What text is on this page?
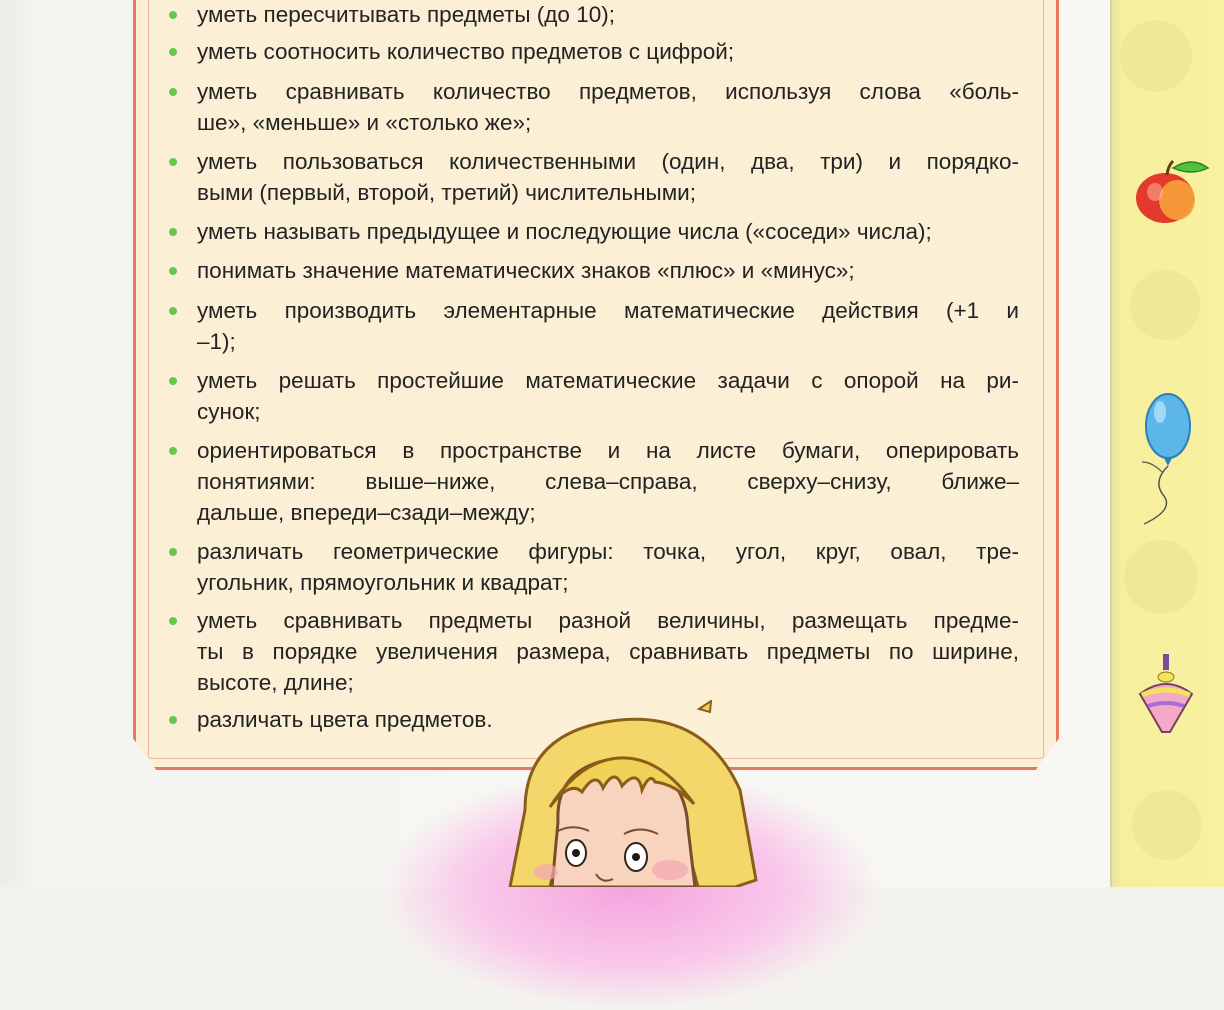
уметь пересчитывать предметы (до 10);
уметь соотносить количество предметов с цифрой;
уметь сравнивать количество предметов, используя слова «боль-
ше», «меньше» и «столько же»;
уметь пользоваться количественными (один, два, три) и порядко-
выми (первый, второй, третий) числительными;
уметь называть предыдущее и последующие числа («соседи» числа);
понимать значение математических знаков «плюс» и «минус»;
уметь производить элементарные математические действия (+1 и
–1);
уметь решать простейшие математические задачи с опорой на ри-
сунок;
ориентироваться в пространстве и на листе бумаги, оперировать
понятиями: выше–ниже, слева–справа, сверху–снизу, ближе–
дальше, впереди–сзади–между;
различать геометрические фигуры: точка, угол, круг, овал, тре-
угольник, прямоугольник и квадрат;
уметь сравнивать предметы разной величины, размещать предме-
ты в порядке увеличения размера, сравнивать предметы по ширине,
высоте, длине;
различать цвета предметов.
